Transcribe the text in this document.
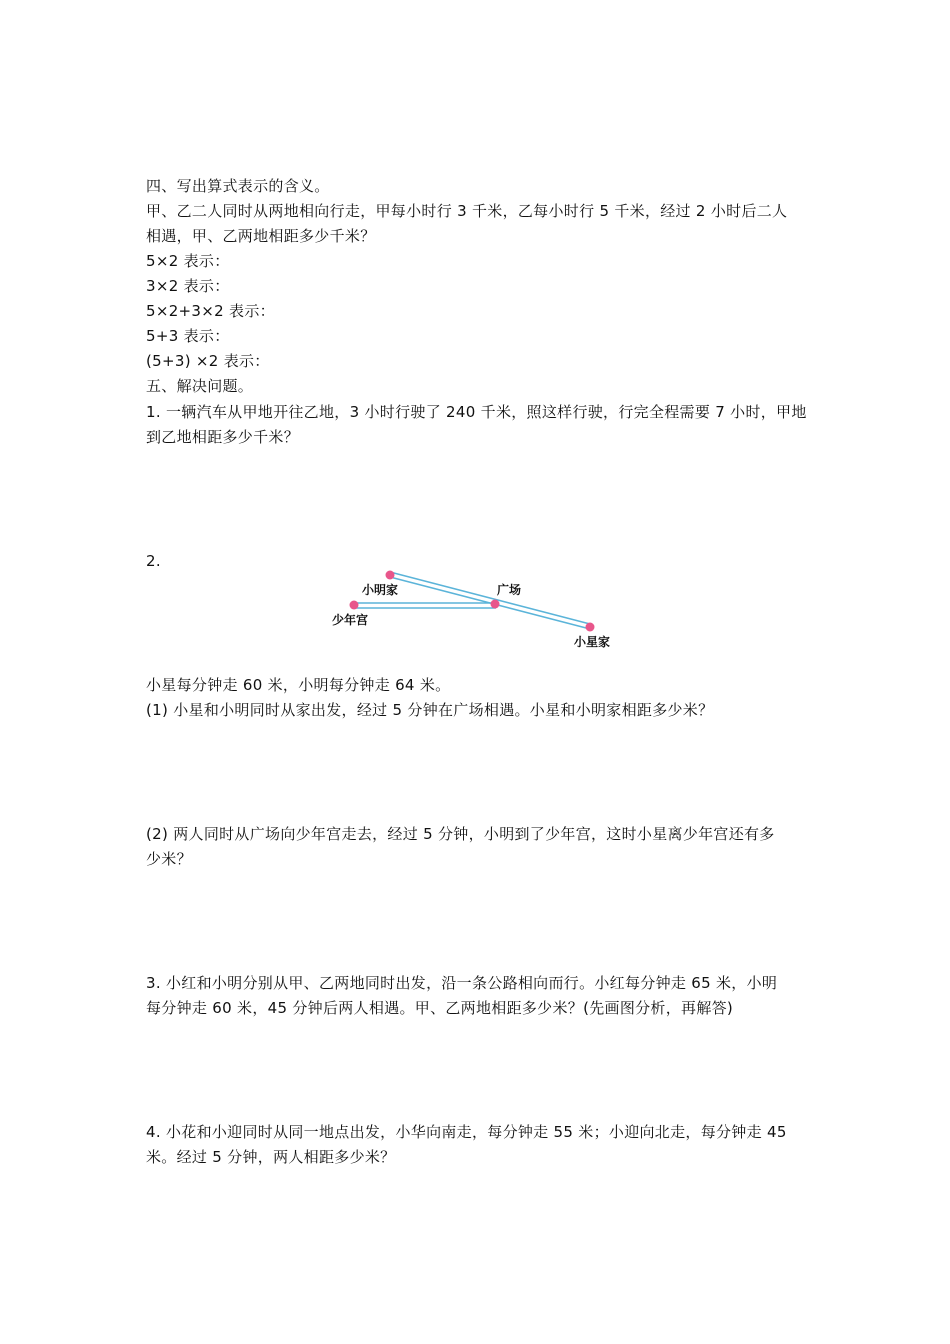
四、写出算式表示的含义。
甲、乙二人同时从两地相向行走，甲每小时行 3 千米，乙每小时行 5 千米，经过 2 小时后二人
相遇，甲、乙两地相距多少千米？
5×2 表示：
3×2 表示：
5×2+3×2 表示：
5+3 表示：
(5+3) ×2 表示：
五、解决问题。
1. 一辆汽车从甲地开往乙地，3 小时行驶了 240 千米，照这样行驶，行完全程需要 7 小时，甲地
到乙地相距多少千米？
2.
小明家	广场
少年宫
小星家
小星每分钟走 60 米，小明每分钟走 64 米。
(1) 小星和小明同时从家出发，经过 5 分钟在广场相遇。小星和小明家相距多少米？
(2) 两人同时从广场向少年宫走去，经过 5 分钟，小明到了少年宫，这时小星离少年宫还有多
少米？
3. 小红和小明分别从甲、乙两地同时出发，沿一条公路相向而行。小红每分钟走 65 米，小明
每分钟走 60 米，45 分钟后两人相遇。甲、乙两地相距多少米？(先画图分析，再解答)
4. 小花和小迎同时从同一地点出发，小华向南走，每分钟走 55 米；小迎向北走，每分钟走 45
米。经过 5 分钟，两人相距多少米？
